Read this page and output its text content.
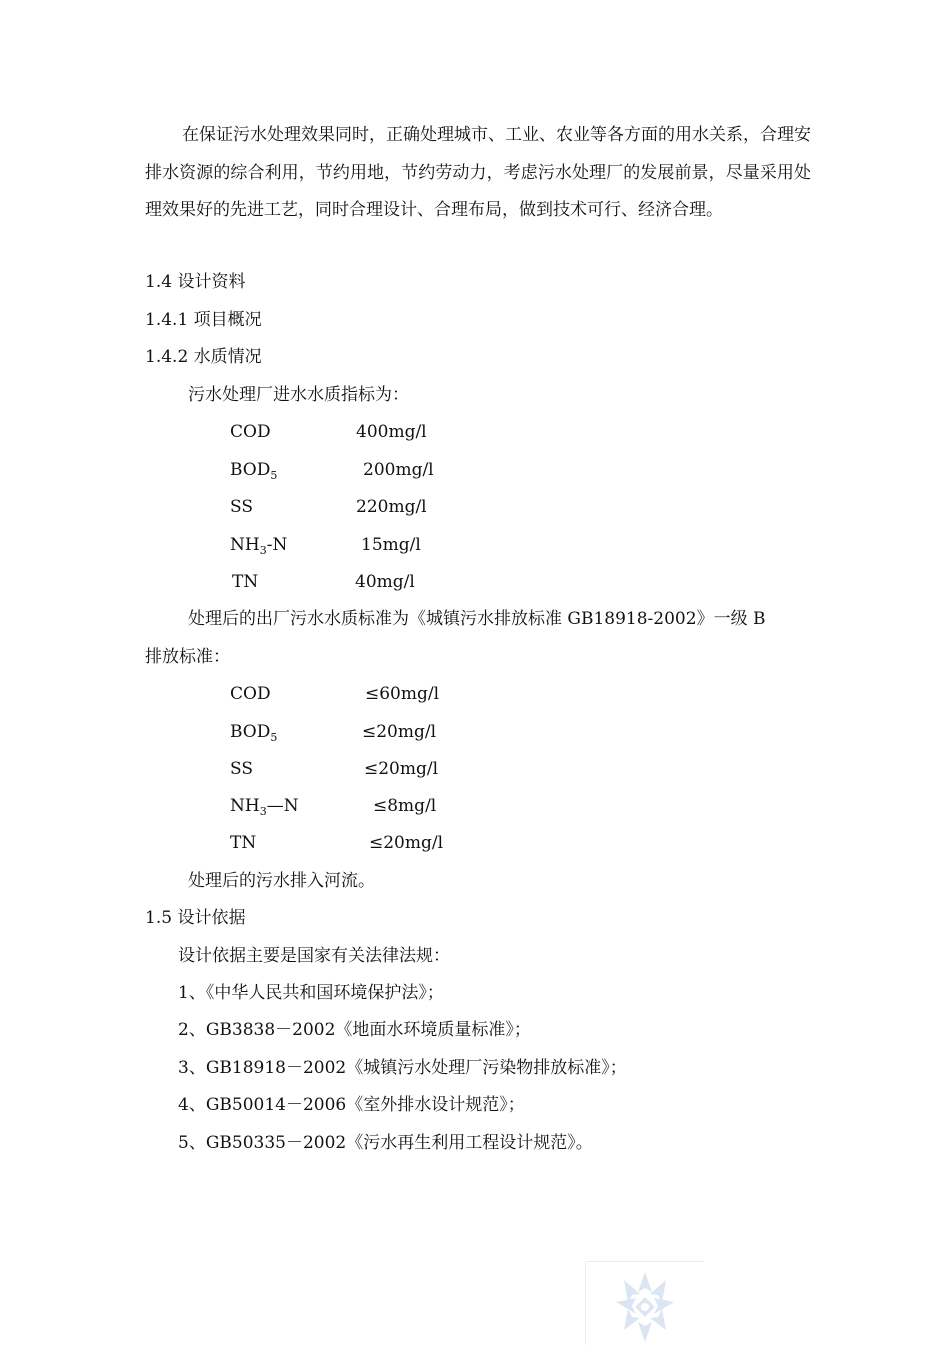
在保证污水处理效果同时，正确处理城市、工业、农业等各方面的用水关系，合理安排水资源的综合利用，节约用地，节约劳动力，考虑污水处理厂的发展前景，尽量采用处理效果好的先进工艺，同时合理设计、合理布局，做到技术可行、经济合理。
1.4 设计资料
1.4.1 项目概况
1.4.2 水质情况
污水处理厂进水水质指标为：
COD	400mg/l
$BOD_5$	200mg/l
SS	220mg/l
$NH_3-N$	15mg/l
TN	40mg/l
处理后的出厂污水水质标准为《城镇污水排放标准 GB18918-2002》一级 B
排放标准：
COD	≤60mg/l
$BOD_5$	≤20mg/l
SS	≤20mg/l
$NH_3—N$	≤8mg/l
TN	≤20mg/l
处理后的污水排入河流。
1.5 设计依据
设计依据主要是国家有关法律法规：
1、《中华人民共和国环境保护法》；
2、GB3838－2002《地面水环境质量标准》；
3、GB18918－2002《城镇污水处理厂污染物排放标准》；
4、GB50014－2006《室外排水设计规范》；
5、GB50335－2002《污水再生利用工程设计规范》。
